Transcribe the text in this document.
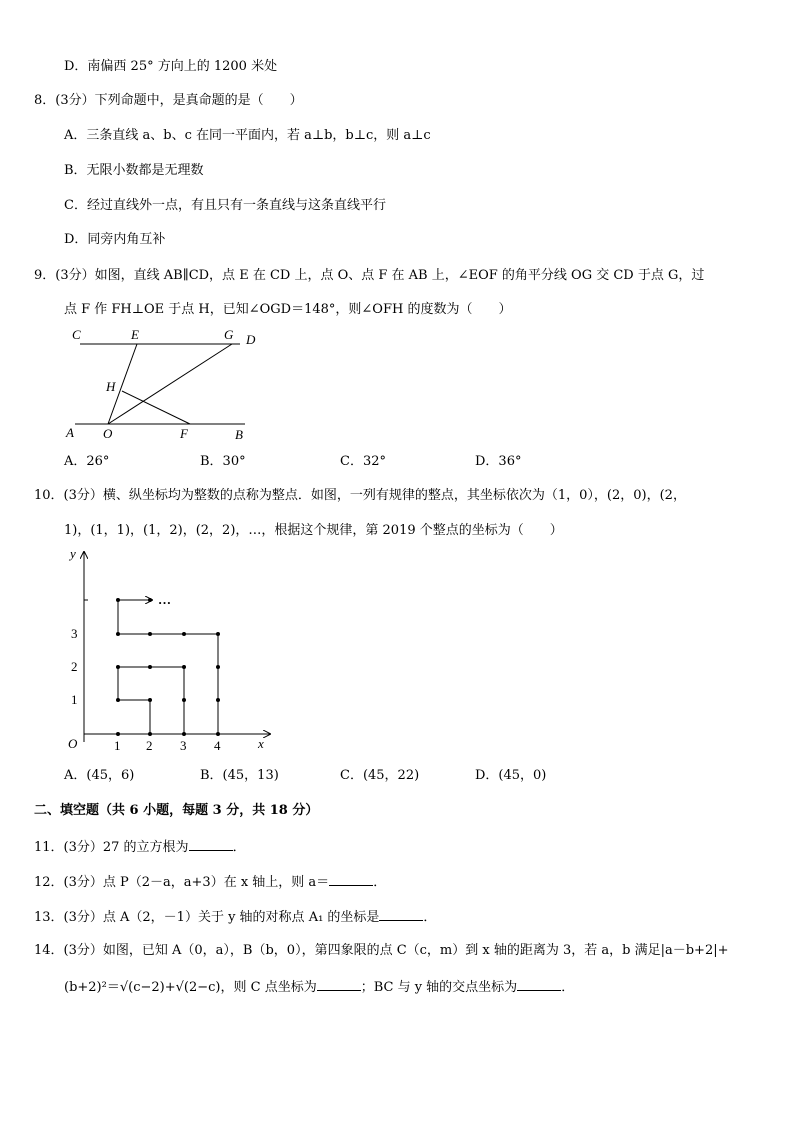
D．南偏西 25° 方向上的 1200 米处
8．(3分）下列命题中，是真命题的是（　　）
A．三条直线 a、b、c 在同一平面内，若 a⊥b，b⊥c，则 a⊥c
B．无限小数都是无理数
C．经过直线外一点，有且只有一条直线与这条直线平行
D．同旁内角互补
9．(3分）如图，直线 AB∥CD，点 E 在 CD 上，点 O、点 F 在 AB 上，∠EOF 的角平分线 OG 交 CD 于点 G，过
点 F 作 FH⊥OE 于点 H，已知∠OGD＝148°，则∠OFH 的度数为（　　）
C	E	G D
H
A O	F	B
A．26°	B．30°	C．32°	D．36°
10．(3分）横、纵坐标均为整数的点称为整点．如图，一列有规律的整点，其坐标依次为（1，0），(2，0)，(2，
1)，(1，1)，(1，2)，(2，2)，…，根据这个规律，第 2019 个整点的坐标为（　　）
…
y
x
O	1 2 3 4
1
2
3
A．(45，6)	B．(45，13)	C．(45，22)	D．(45，0)
二、填空题（共 6 小题，每题 3 分，共 18 分）
11．(3分）27 的立方根为	．
12．(3分）点 P（2－a，a+3）在 x 轴上，则 a＝	．
13．(3分）点 A（2，－1）关于 y 轴的对称点 A₁ 的坐标是	．
14．(3分）如图，已知 A（0，a），B（b，0），第四象限的点 C（c，m）到 x 轴的距离为 3，若 a，b 满足|a－b+2|+
(b+2)²＝√(c−2)+√(2−c)，则 C 点坐标为	；BC 与 y 轴的交点坐标为	．
